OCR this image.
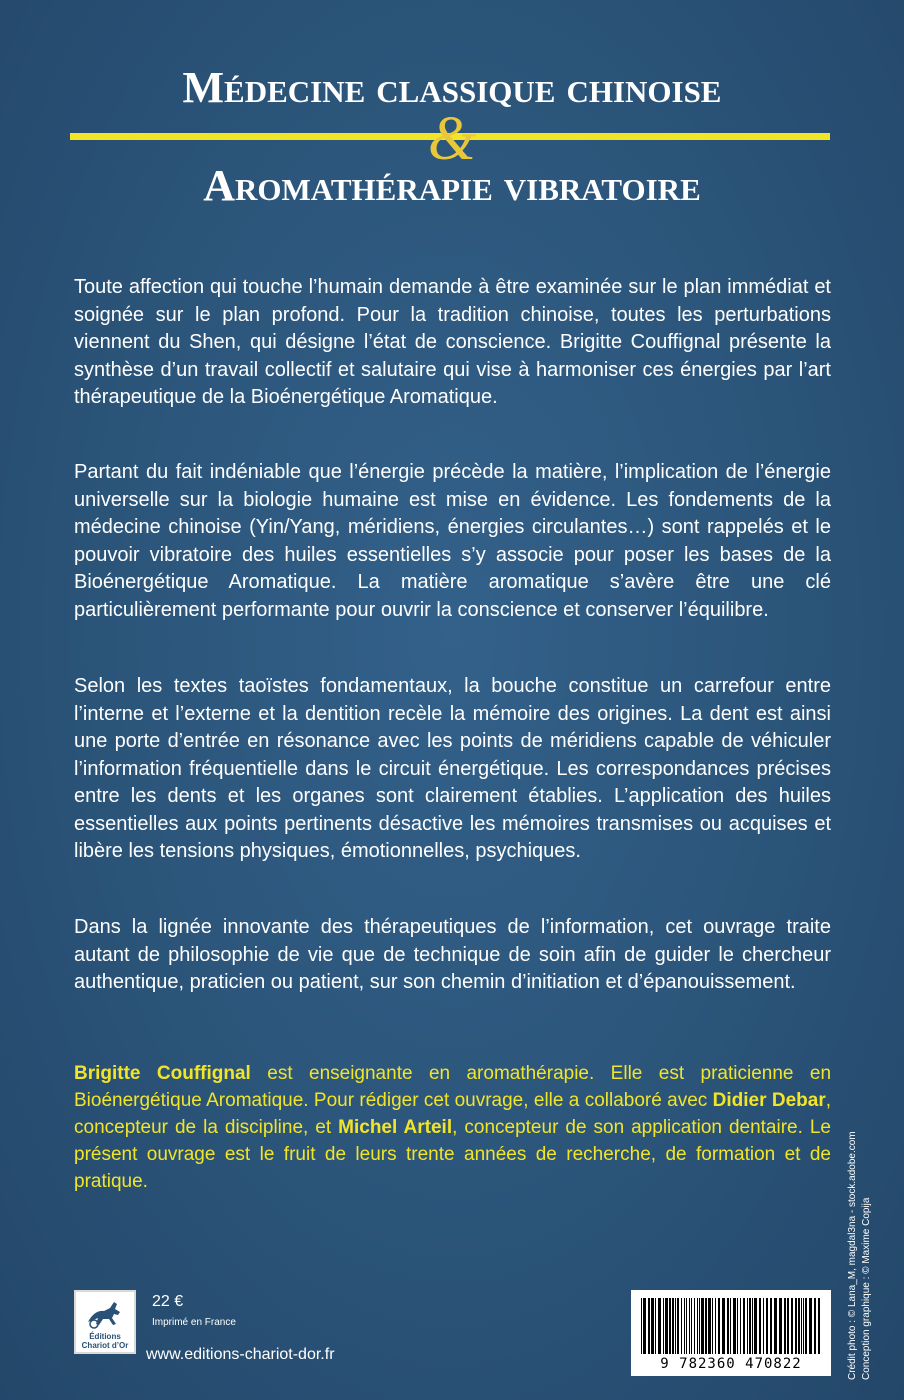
Médecine classique chinoise
&
Aromathérapie vibratoire

Toute affection qui touche l’humain demande à être examinée sur le plan immédiat et soignée sur le plan profond. Pour la tradition chinoise, toutes les perturbations viennent du Shen, qui désigne l’état de conscience. Brigitte Couffignal présente la synthèse d’un travail collectif et salutaire qui vise à harmoniser ces énergies par l’art thérapeutique de la Bioénergétique Aromatique.

Partant du fait indéniable que l’énergie précède la matière, l’implication de l’énergie universelle sur la biologie humaine est mise en évidence. Les fondements de la médecine chinoise (Yin/Yang, méridiens, énergies circulantes…) sont rappelés et le pouvoir vibratoire des huiles essentielles s’y associe pour poser les bases de la Bioénergétique Aromatique. La matière aromatique s’avère être une clé particulièrement performante pour ouvrir la conscience et conserver l’équilibre.

Selon les textes taoïstes fondamentaux, la bouche constitue un carrefour entre l’interne et l’externe et la dentition recèle la mémoire des origines. La dent est ainsi une porte d’entrée en résonance avec les points de méridiens capable de véhiculer l’information fréquentielle dans le circuit énergétique. Les correspondances précises entre les dents et les organes sont clairement établies. L’application des huiles essentielles aux points pertinents désactive les mémoires transmises ou acquises et libère les tensions physiques, émotionnelles, psychiques.

Dans la lignée innovante des thérapeutiques de l’information, cet ouvrage traite autant de philosophie de vie que de technique de soin afin de guider le chercheur authentique, praticien ou patient, sur son chemin d’initiation et d’épanouissement.

Brigitte Couffignal est enseignante en aromathérapie. Elle est praticienne en Bioénergétique Aromatique. Pour rédiger cet ouvrage, elle a collaboré avec Didier Debar, concepteur de la discipline, et Michel Arteil, concepteur de son application dentaire. Le présent ouvrage est le fruit de leurs trente années de recherche, de formation et de pratique.

Éditions
Chariot d’Or

22 €

Imprimé en France

www.editions-chariot-dor.fr

9 782360 470822	Crédit photo : © Lana_M, magdal3na - stock.adobe.com Conception graphique : © Maxime Copija
